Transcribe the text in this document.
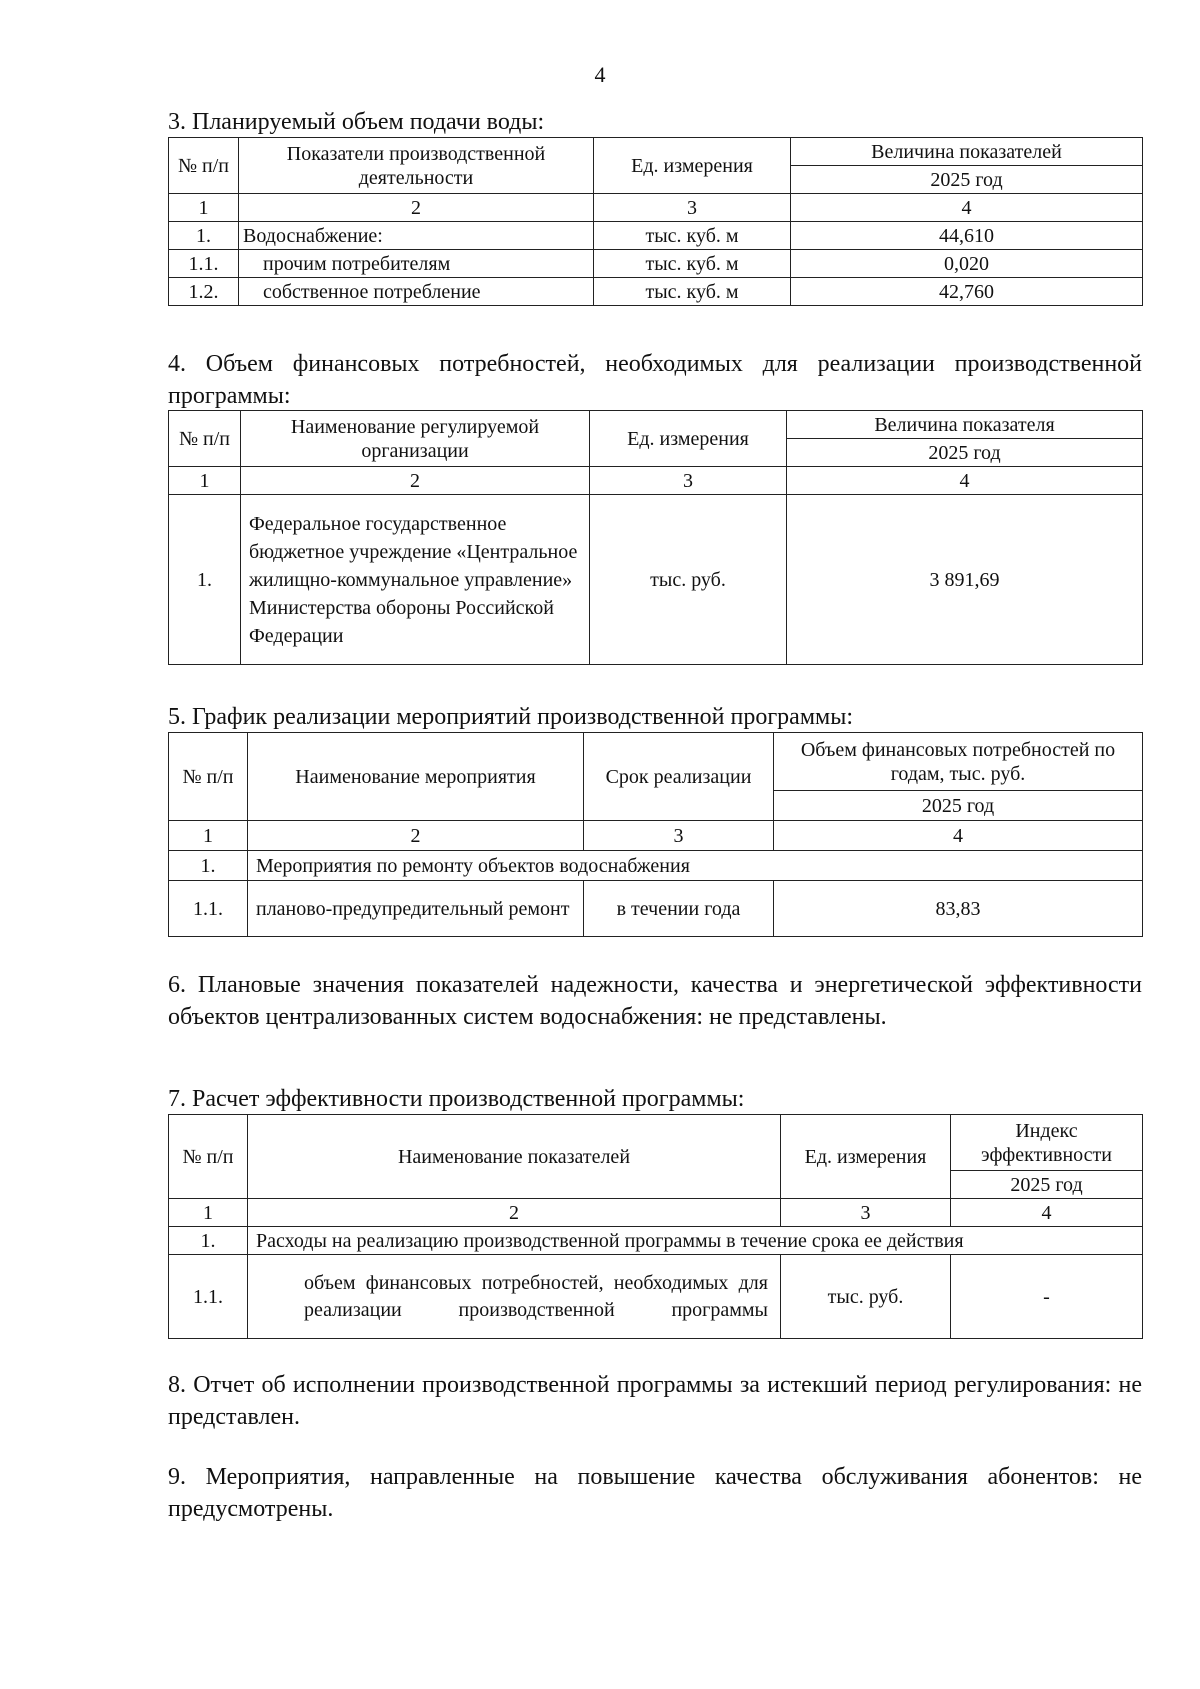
4
3. Планируемый объем подачи воды:
№ п/п	Показатели производственной деятельности	Ед. измерения	Величина показателей
			2025 год
1	2	3	4
1.	Водоснабжение:	тыс. куб. м	44,610
1.1.	прочим потребителям	тыс. куб. м	0,020
1.2.	собственное потребление	тыс. куб. м	42,760
4. Объем финансовых потребностей, необходимых для реализации производственной программы:
№ п/п	Наименование регулируемой организации	Ед. измерения	Величина показателя
			2025 год
1	2	3	4
1.	Федеральное государственное бюджетное учреждение «Центральное жилищно-коммунальное управление» Министерства обороны Российской Федерации	тыс. руб.	3 891,69
5. График реализации мероприятий производственной программы:
№ п/п	Наименование мероприятия	Срок реализации	Объем финансовых потребностей по годам, тыс. руб.
			2025 год
1	2	3	4
1.	Мероприятия по ремонту объектов водоснабжения		
1.1.	планово-предупредительный ремонт	в течении года	83,83
6. Плановые значения показателей надежности, качества и энергетической эффективности объектов централизованных систем водоснабжения: не представлены.
7. Расчет эффективности производственной программы:
№ п/п	Наименование показателей	Ед. измерения	Индекс эффективности
			2025 год
1	2	3	4
1.	Расходы на реализацию производственной программы в течение срока ее действия		
1.1.	объем финансовых потребностей, необходимых для реализации производственной программы	тыс. руб.	-
8. Отчет об исполнении производственной программы за истекший период регулирования: не представлен.
9. Мероприятия, направленные на повышение качества обслуживания абонентов: не предусмотрены.
